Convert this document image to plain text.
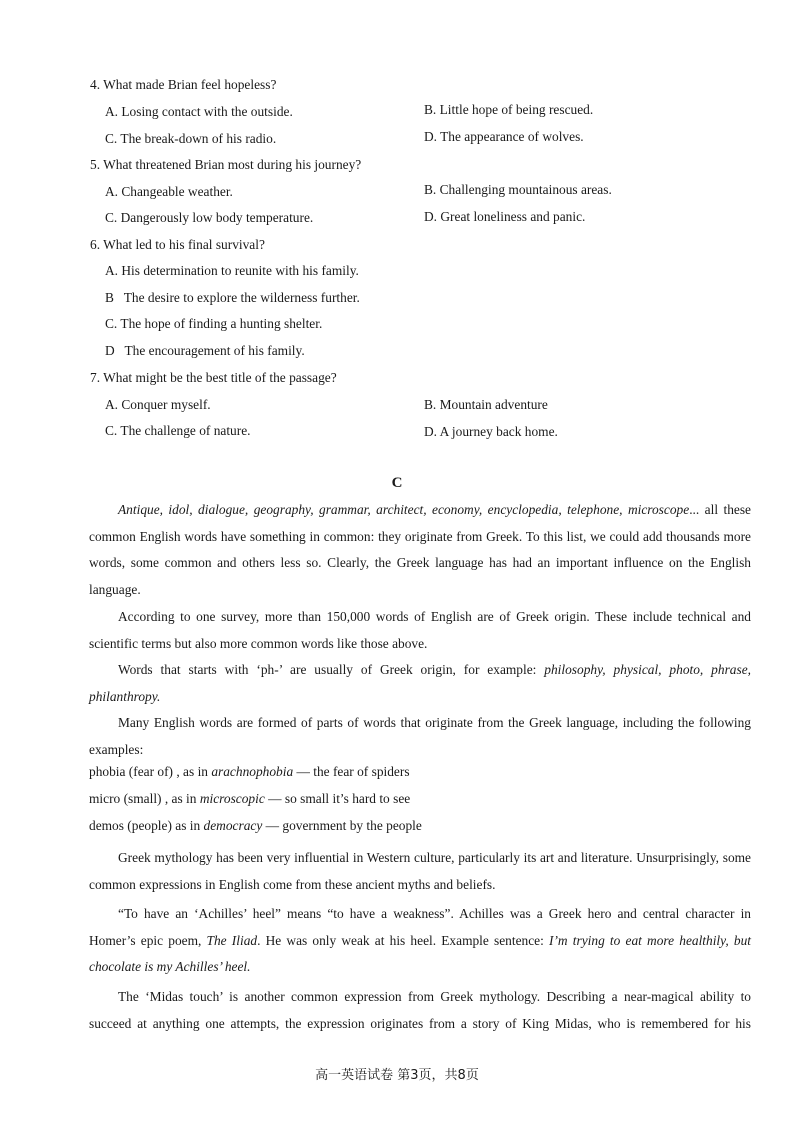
4. What made Brian feel hopeless?
A. Losing contact with the outside.	B. Little hope of being rescued.
C. The break-down of his radio.	D. The appearance of wolves.
5. What threatened Brian most during his journey?
A. Changeable weather.	B. Challenging mountainous areas.
C. Dangerously low body temperature.	D. Great loneliness and panic.
6. What led to his final survival?
A. His determination to reunite with his family.
B   The desire to explore the wilderness further.
C. The hope of finding a hunting shelter.
D   The encouragement of his family.
7. What might be the best title of the passage?
A. Conquer myself.	B. Mountain adventure
C. The challenge of nature.	D. A journey back home.
C
Antique, idol, dialogue, geography, grammar, architect, economy, encyclopedia, telephone, microscope... all these common English words have something in common: they originate from Greek. To this list, we could add thousands more words, some common and others less so. Clearly, the Greek language has had an important influence on the English language.
According to one survey, more than 150,000 words of English are of Greek origin. These include technical and scientific terms but also more common words like those above.
Words that starts with ‘ph-’ are usually of Greek origin, for example: philosophy, physical, photo, phrase, philanthropy.
Many English words are formed of parts of words that originate from the Greek language, including the following examples:
phobia (fear of) , as in arachnophobia — the fear of spiders
micro (small) , as in microscopic — so small it’s hard to see
demos (people) as in democracy — government by the people
Greek mythology has been very influential in Western culture, particularly its art and literature. Unsurprisingly, some common expressions in English come from these ancient myths and beliefs.
“To have an ‘Achilles’ heel” means “to have a weakness”. Achilles was a Greek hero and central character in Homer’s epic poem, The Iliad. He was only weak at his heel. Example sentence: I’m trying to eat more healthily, but chocolate is my Achilles’ heel.
The ‘Midas touch’ is another common expression from Greek mythology. Describing a near-magical ability to succeed at anything one attempts, the expression originates from a story of King Midas, who is remembered for his
高一英语试卷 第3页，共8页
